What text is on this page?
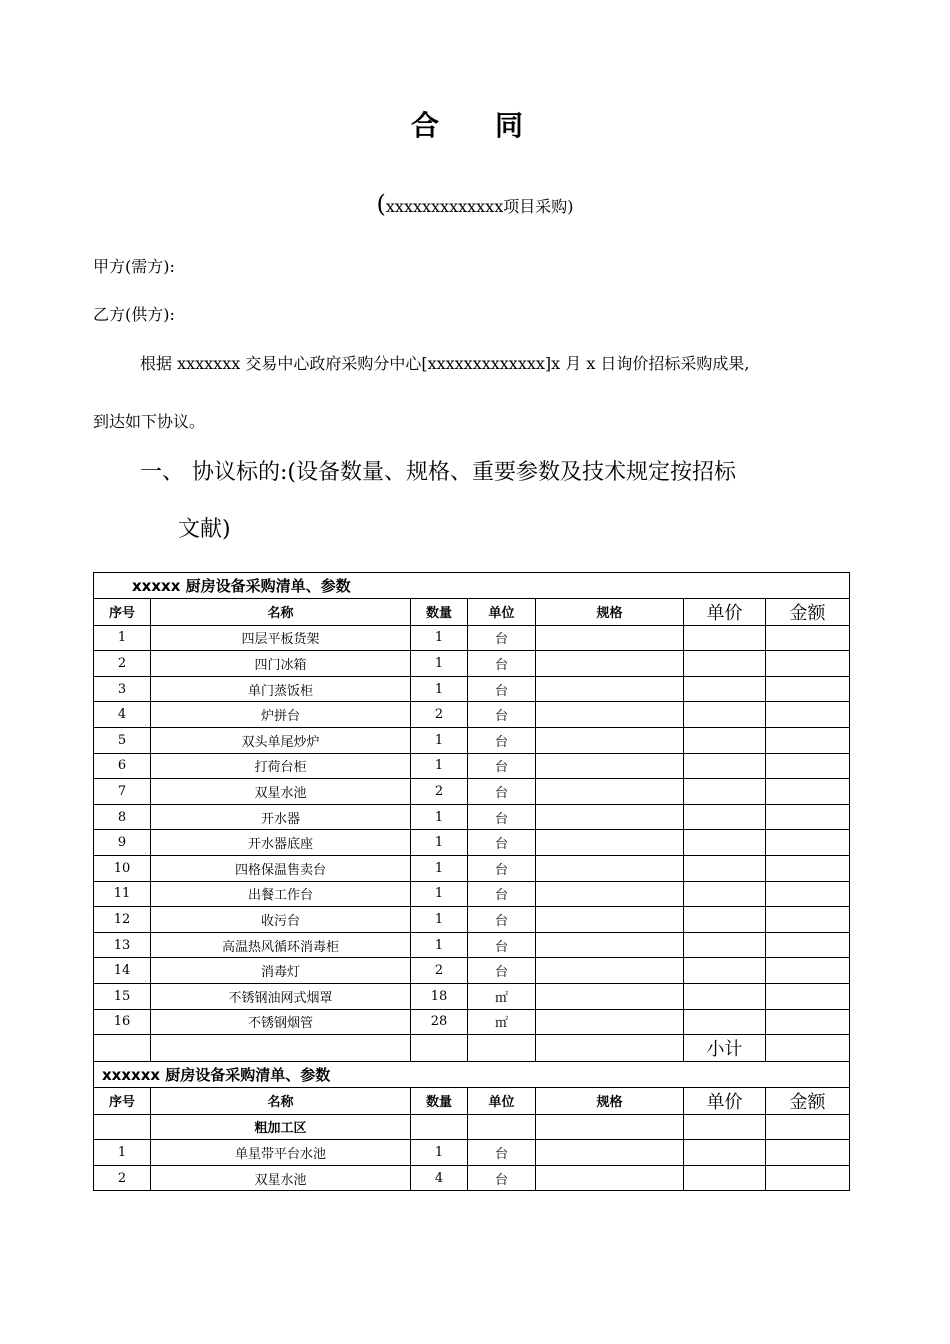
合同
(xxxxxxxxxxxxx项目采购)
甲方(需方):
乙方(供方):
根据 xxxxxxx 交易中心政府采购分中心[xxxxxxxxxxxxx]x 月 x 日询价招标采购成果,
到达如下协议。
一、 协议标的:(设备数量、规格、重要参数及技术规定按招标
文献)
xxxxx 厨房设备采购清单、参数						
序号	名称	数量	单位	规格	单价	金额
1	四层平板货架	1	台			
2	四门冰箱	1	台			
3	单门蒸饭柜	1	台			
4	炉拼台	2	台			
5	双头单尾炒炉	1	台			
6	打荷台柜	1	台			
7	双星水池	2	台			
8	开水器	1	台			
9	开水器底座	1	台			
10	四格保温售卖台	1	台			
11	出餐工作台	1	台			
12	收污台	1	台			
13	高温热风循环消毒柜	1	台			
14	消毒灯	2	台			
15	不锈钢油网式烟罩	18	㎡			
16	不锈钢烟管	28	㎡			
					小计	
xxxxxx 厨房设备采购清单、参数						
序号	名称	数量	单位	规格	单价	金额
	粗加工区					
1	单星带平台水池	1	台			
2	双星水池	4	台			
